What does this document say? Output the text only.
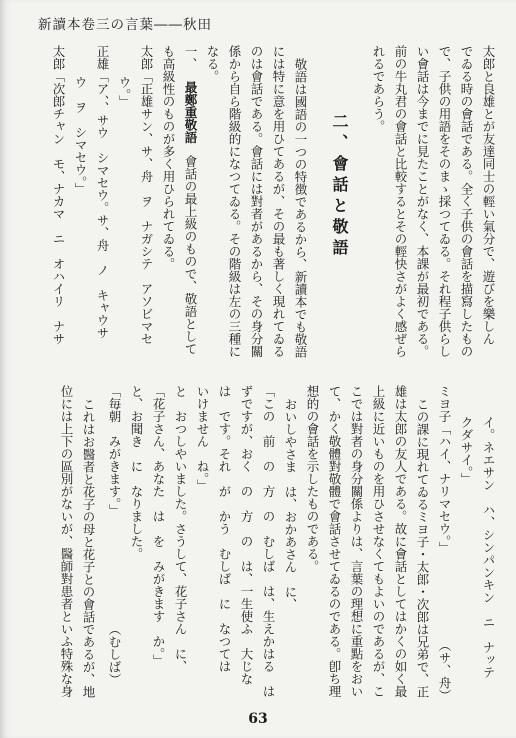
新讀本卷三の言葉――秋田
太郎と良雄とが友達同士の輕い氣分で、遊びを樂しん
でゐる時の會話である。全く子供の會話を描寫したもの
で、子供の用語をそのまゝ採つてゐる。それ程子供らし
い會話は今までに見たことがなく、本課が最初である。
前の牛丸君の會話と比較するとその輕快さがよく感ぜら
れるであらう。
二、會話と敬語
敬語は國語の一つの特徴であるから、新讀本でも敬語
には特に意を用ひてあるが、その最も著しく現れてゐる
のは會話である。會話には對者があるから、その身分關
係から自ら階級的になつてゐる。その階級は左の三種に
なる。
一、最鄭重敬語會話の最上級のもので、敬語として
も高級性のものが多く用ひられてゐる。
太郎「正雄サン、サ、舟　ヲ　ナガシテ　アソビマセ
ウ。」
正雄「ア、、サウ　シマセウ。サ、舟　ノ　キャウサ
ウ　ヲ　シマセウ。」
太郎「次郎チャン　モ、ナカマ　ニ　オハイリ　ナサ
イ。ネエサン　ハ、シンパンキン　ニ　ナッテ
クダサイ。」
ミヨ子「ハイ、ナリマセウ。」
（サ、舟）
この課に現れてゐるミヨ子・太郎・次郎は兄弟で、正
雄は太郎の友人である。故に會話としてはかくの如く最
上級に近いものを用ひさせなくてもよいのであるが、こ
こでは對者の身分關係よりは、言葉の理想に重點をおい
て、かく敬體對敬體で會話させてゐるのである。卽ち理
想的の會話を示したものである。
おいしやさま　は、おかあさん　に、
「この　前　の　方　の　むしば　は、生えかはる　は
ずですが、おく　の　方　の　は、一生使ふ　大じな
は　です。それ　が　かう　むしば　に　なつては
いけません　ね。」
と　おつしやいました。さうして、花子さん　に、
「花子さん、あなた　は　を　みがきます　か。」
と、お聞き　に　なりました。
「毎朝　みがきます。」
（むしば）
これはお醫者と花子の母と花子との會話であるが、地
位には上下の區別がないが、醫師對患者といふ特殊な身
63
